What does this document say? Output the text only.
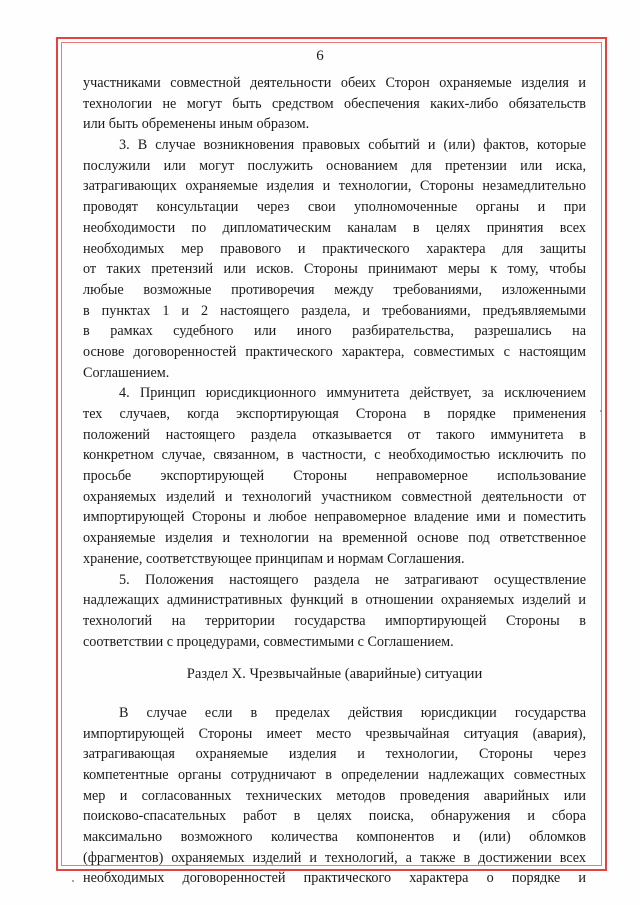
6
участниками совместной деятельности обеих Сторон охраняемые изделия и
технологии не могут быть средством обеспечения каких-либо обязательств
или быть обременены иным образом.
3. В случае возникновения правовых событий и (или) фактов, которые
послужили или могут послужить основанием для претензии или иска,
затрагивающих охраняемые изделия и технологии, Стороны незамедлительно
проводят консультации через свои уполномоченные органы и при
необходимости по дипломатическим каналам в целях принятия всех
необходимых мер правового и практического характера для защиты
от таких претензий или исков. Стороны принимают меры к тому, чтобы
любые возможные противоречия между требованиями, изложенными
в пунктах 1 и 2 настоящего раздела, и требованиями, предъявляемыми
в рамках судебного или иного разбирательства, разрешались на
основе договоренностей практического характера, совместимых с настоящим
Соглашением.
4. Принцип юрисдикционного иммунитета действует, за исключением
тех случаев, когда экспортирующая Сторона в порядке применения
положений настоящего раздела отказывается от такого иммунитета в
конкретном случае, связанном, в частности, с необходимостью исключить по
просьбе экспортирующей Стороны неправомерное использование
охраняемых изделий и технологий участником совместной деятельности от
импортирующей Стороны и любое неправомерное владение ими и поместить
охраняемые изделия и технологии на временной основе под ответственное
хранение, соответствующее принципам и нормам Соглашения.
5. Положения настоящего раздела не затрагивают осуществление
надлежащих административных функций в отношении охраняемых изделий и
технологий на территории государства импортирующей Стороны в
соответствии с процедурами, совместимыми с Соглашением.
Раздел X. Чрезвычайные (аварийные) ситуации
В случае если в пределах действия юрисдикции государства
импортирующей Стороны имеет место чрезвычайная ситуация (авария),
затрагивающая охраняемые изделия и технологии, Стороны через
компетентные органы сотрудничают в определении надлежащих совместных
мер и согласованных технических методов проведения аварийных или
поисково-спасательных работ в целях поиска, обнаружения и сбора
максимально возможного количества компонентов и (или) обломков
(фрагментов) охраняемых изделий и технологий, а также в достижении всех
необходимых договоренностей практического характера о порядке и
